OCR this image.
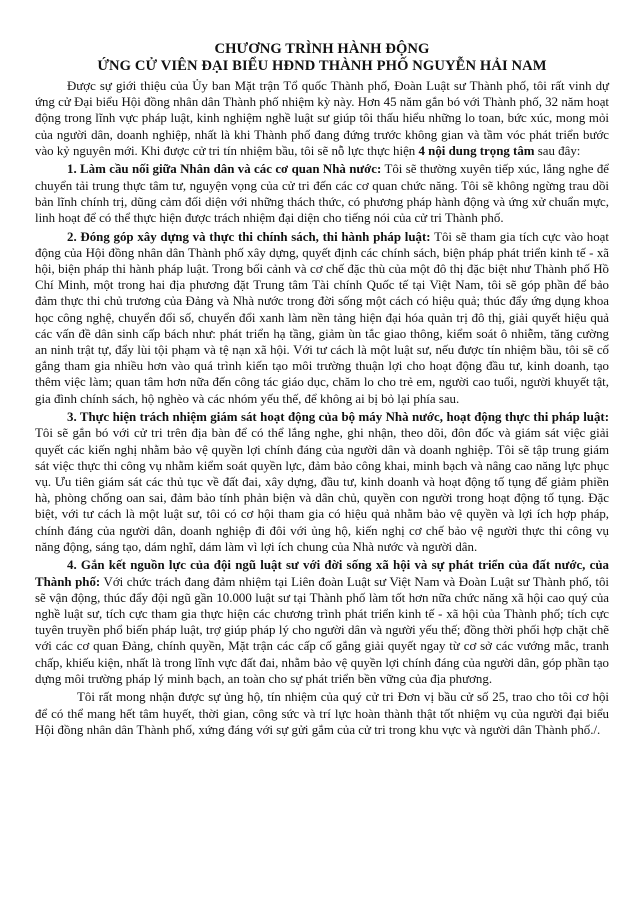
CHƯƠNG TRÌNH HÀNH ĐỘNG
ỨNG CỬ VIÊN ĐẠI BIỂU HĐND THÀNH PHỐ NGUYỄN HẢI NAM

Được sự giới thiệu của Ủy ban Mặt trận Tổ quốc Thành phố, Đoàn Luật sư Thành phố, tôi rất vinh dự ứng cử Đại biểu Hội đồng nhân dân Thành phố nhiệm kỳ này. Hơn 45 năm gắn bó với Thành phố, 32 năm hoạt động trong lĩnh vực pháp luật, kinh nghiệm nghề luật sư giúp tôi thấu hiểu những lo toan, bức xúc, mong mỏi của người dân, doanh nghiệp, nhất là khi Thành phố đang đứng trước không gian và tầm vóc phát triển bước vào kỷ nguyên mới. Khi được cử tri tín nhiệm bầu, tôi sẽ nỗ lực thực hiện 4 nội dung trọng tâm sau đây:

1. Làm cầu nối giữa Nhân dân và các cơ quan Nhà nước: Tôi sẽ thường xuyên tiếp xúc, lắng nghe để chuyển tải trung thực tâm tư, nguyện vọng của cử tri đến các cơ quan chức năng. Tôi sẽ không ngừng trau dồi bản lĩnh chính trị, dũng cảm đối diện với những thách thức, có phương pháp hành động và ứng xử chuẩn mực, linh hoạt để có thể thực hiện được trách nhiệm đại diện cho tiếng nói của cử tri Thành phố.

2. Đóng góp xây dựng và thực thi chính sách, thi hành pháp luật: Tôi sẽ tham gia tích cực vào hoạt động của Hội đồng nhân dân Thành phố xây dựng, quyết định các chính sách, biện pháp phát triển kinh tế - xã hội, biện pháp thi hành pháp luật. Trong bối cảnh và cơ chế đặc thù của một đô thị đặc biệt như Thành phố Hồ Chí Minh, một trong hai địa phương đặt Trung tâm Tài chính Quốc tế tại Việt Nam, tôi sẽ góp phần để bảo đảm thực thi chủ trương của Đảng và Nhà nước trong đời sống một cách có hiệu quả; thúc đẩy ứng dụng khoa học công nghệ, chuyển đổi số, chuyển đổi xanh làm nền tảng hiện đại hóa quản trị đô thị, giải quyết hiệu quả các vấn đề dân sinh cấp bách như: phát triển hạ tầng, giảm ùn tắc giao thông, kiểm soát ô nhiễm, tăng cường an ninh trật tự, đẩy lùi tội phạm và tệ nạn xã hội. Với tư cách là một luật sư, nếu được tín nhiệm bầu, tôi sẽ cố gắng tham gia nhiều hơn vào quá trình kiến tạo môi trường thuận lợi cho hoạt động đầu tư, kinh doanh, tạo thêm việc làm; quan tâm hơn nữa đến công tác giáo dục, chăm lo cho trẻ em, người cao tuổi, người khuyết tật, gia đình chính sách, hộ nghèo và các nhóm yếu thế, để không ai bị bỏ lại phía sau.

3. Thực hiện trách nhiệm giám sát hoạt động của bộ máy Nhà nước, hoạt động thực thi pháp luật: Tôi sẽ gắn bó với cử tri trên địa bàn để có thể lắng nghe, ghi nhận, theo dõi, đôn đốc và giám sát việc giải quyết các kiến nghị nhằm bảo vệ quyền lợi chính đáng của người dân và doanh nghiệp. Tôi sẽ tập trung giám sát việc thực thi công vụ nhằm kiểm soát quyền lực, đảm bảo công khai, minh bạch và nâng cao năng lực phục vụ. Ưu tiên giám sát các thủ tục về đất đai, xây dựng, đầu tư, kinh doanh và hoạt động tố tụng để giảm phiền hà, phòng chống oan sai, đảm bảo tính phản biện và dân chủ, quyền con người trong hoạt động tố tụng. Đặc biệt, với tư cách là một luật sư, tôi có cơ hội tham gia có hiệu quả nhằm bảo vệ quyền và lợi ích hợp pháp, chính đáng của người dân, doanh nghiệp đi đôi với ủng hộ, kiến nghị cơ chế bảo vệ người thực thi công vụ năng động, sáng tạo, dám nghĩ, dám làm vì lợi ích chung của Nhà nước và người dân.

4. Gắn kết nguồn lực của đội ngũ luật sư với đời sống xã hội và sự phát triển của đất nước, của Thành phố: Với chức trách đang đảm nhiệm tại Liên đoàn Luật sư Việt Nam và Đoàn Luật sư Thành phố, tôi sẽ vận động, thúc đẩy đội ngũ gần 10.000 luật sư tại Thành phố làm tốt hơn nữa chức năng xã hội cao quý của nghề luật sư, tích cực tham gia thực hiện các chương trình phát triển kinh tế - xã hội của Thành phố; tích cực tuyên truyền phổ biến pháp luật, trợ giúp pháp lý cho người dân và người yếu thế; đồng thời phối hợp chặt chẽ với các cơ quan Đảng, chính quyền, Mặt trận các cấp cố gắng giải quyết ngay từ cơ sở các vướng mắc, tranh chấp, khiếu kiện, nhất là trong lĩnh vực đất đai, nhằm bảo vệ quyền lợi chính đáng của người dân, góp phần tạo dựng môi trường pháp lý minh bạch, an toàn cho sự phát triển bền vững của địa phương.

Tôi rất mong nhận được sự ủng hộ, tín nhiệm của quý cử tri Đơn vị bầu cử số 25, trao cho tôi cơ hội để có thể mang hết tâm huyết, thời gian, công sức và trí lực hoàn thành thật tốt nhiệm vụ của người đại biểu Hội đồng nhân dân Thành phố, xứng đáng với sự gửi gắm của cử tri trong khu vực và người dân Thành phố./.
